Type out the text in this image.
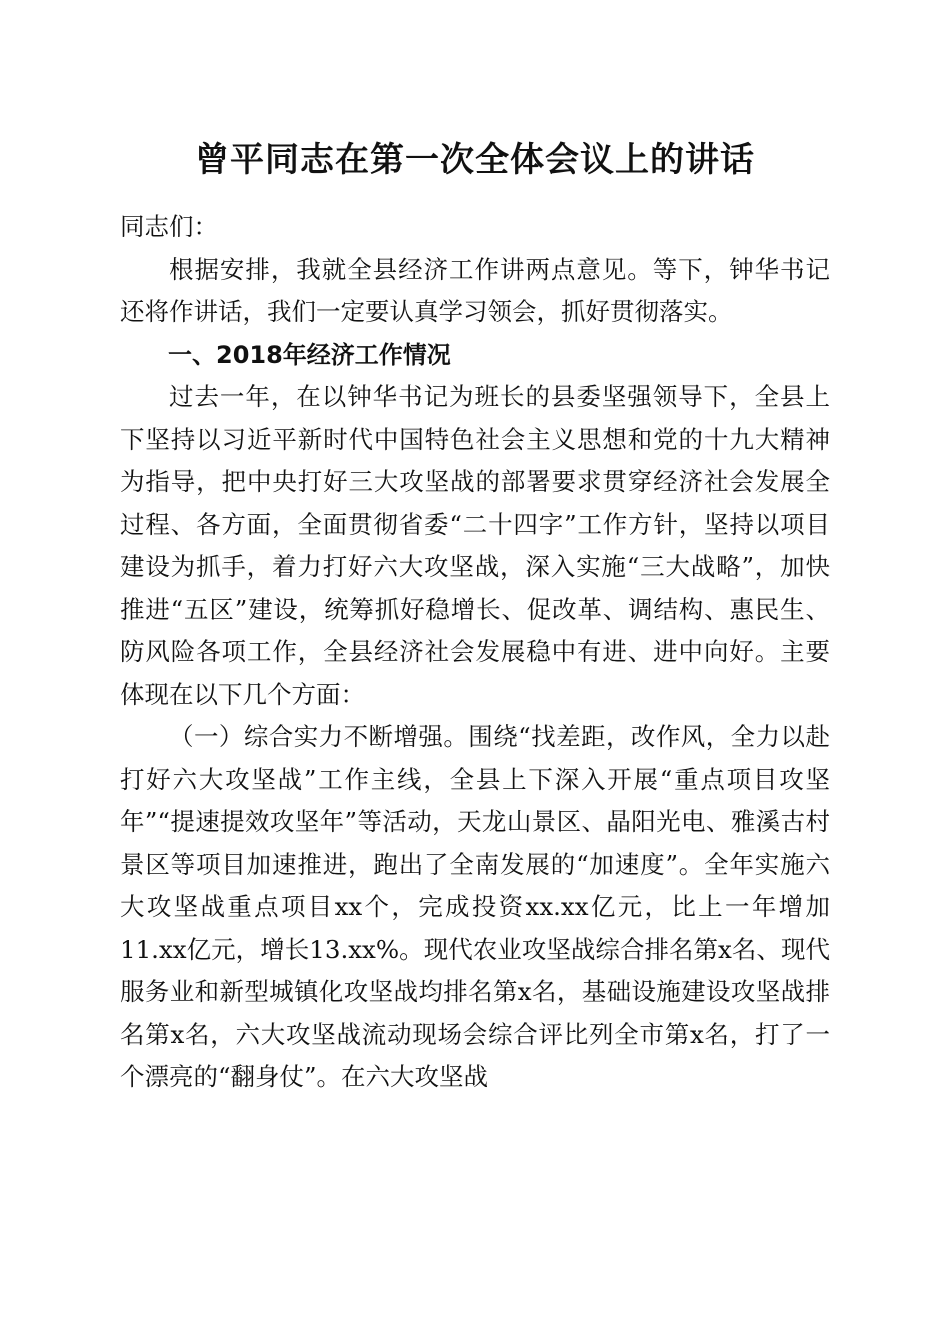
曾平同志在第一次全体会议上的讲话

同志们：

根据安排，我就全县经济工作讲两点意见。等下，钟华书记还将作讲话，我们一定要认真学习领会，抓好贯彻落实。

一、2018年经济工作情况

过去一年，在以钟华书记为班长的县委坚强领导下，全县上下坚持以习近平新时代中国特色社会主义思想和党的十九大精神为指导，把中央打好三大攻坚战的部署要求贯穿经济社会发展全过程、各方面，全面贯彻省委“二十四字”工作方针，坚持以项目建设为抓手，着力打好六大攻坚战，深入实施“三大战略”，加快推进“五区”建设，统筹抓好稳增长、促改革、调结构、惠民生、防风险各项工作，全县经济社会发展稳中有进、进中向好。主要体现在以下几个方面：

（一）综合实力不断增强。围绕“找差距，改作风，全力以赴打好六大攻坚战”工作主线，全县上下深入开展“重点项目攻坚年”“提速提效攻坚年”等活动，天龙山景区、晶阳光电、雅溪古村景区等项目加速推进，跑出了全南发展的“加速度”。全年实施六大攻坚战重点项目xx个，完成投资xx.xx亿元，比上一年增加11.xx亿元，增长13.xx%。现代农业攻坚战综合排名第x名、现代服务业和新型城镇化攻坚战均排名第x名，基础设施建设攻坚战排名第x名，六大攻坚战流动现场会综合评比列全市第x名，打了一个漂亮的“翻身仗”。在六大攻坚战
